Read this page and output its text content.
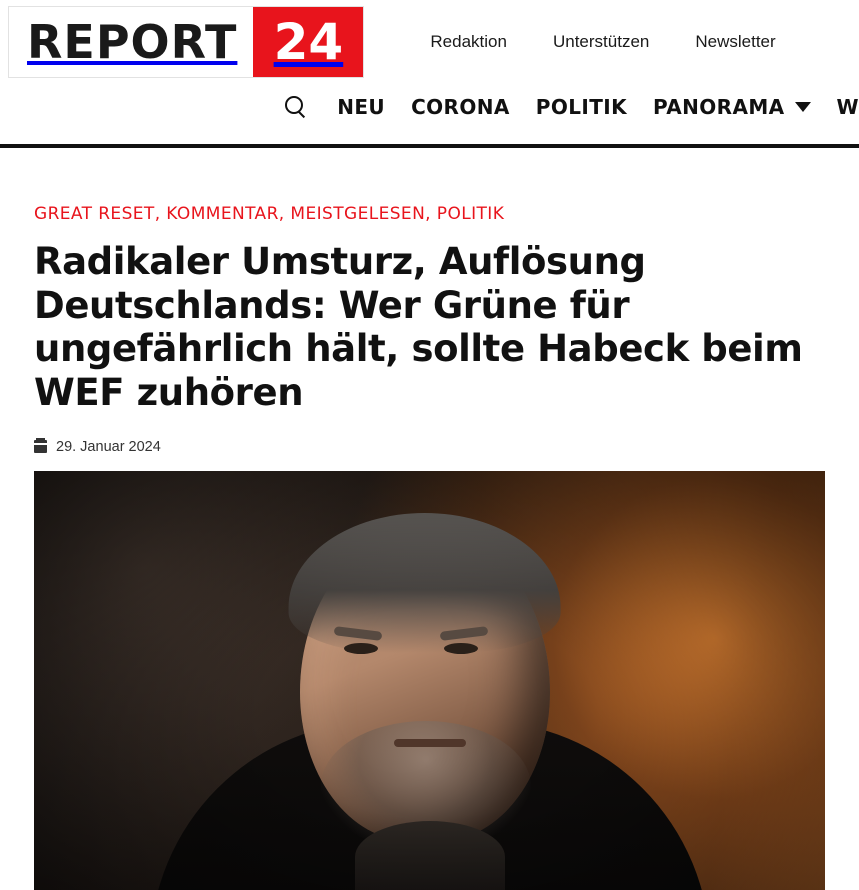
REPORT 24	Redaktion	Unterstützen	Newsletter
NEU CORONA POLITIK PANORAMA	W
GREAT RESET, KOMMENTAR, MEISTGELESEN, POLITIK
Radikaler Umsturz, Auflösung Deutschlands: Wer Grüne für ungefährlich hält, sollte Habeck beim WEF zuhören
29. Januar 2024
